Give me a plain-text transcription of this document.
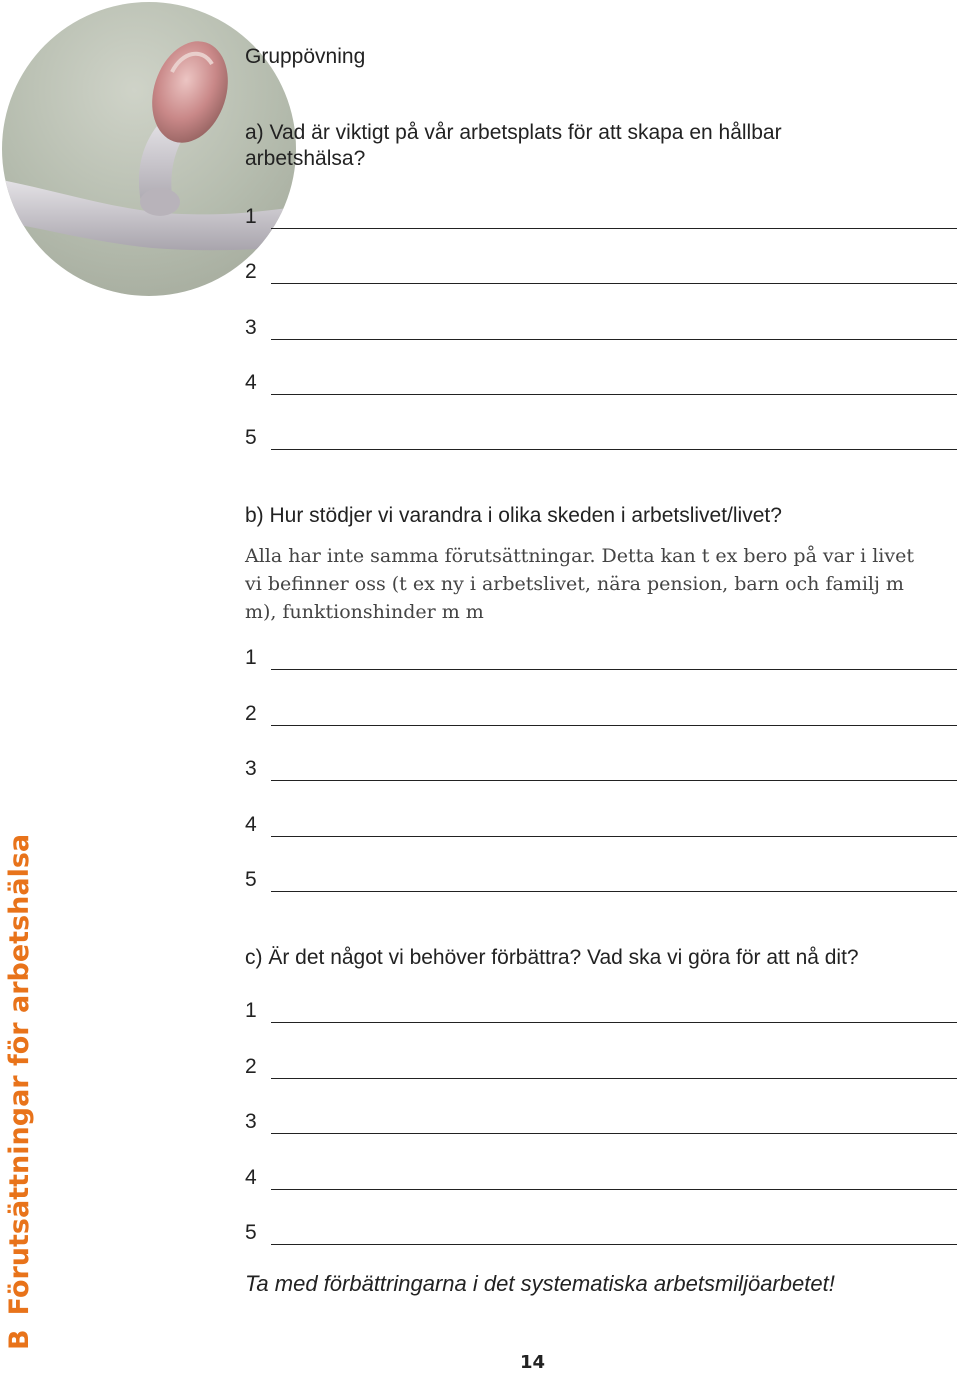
Gruppövning

a) Vad är viktigt på vår arbetsplats för att skapa en hållbar arbetshälsa?

1
2
3
4
5

b) Hur stödjer vi varandra i olika skeden i arbetslivet/livet?

Alla har inte samma förutsättningar. Detta kan t ex bero på var i livet vi befinner oss (t ex ny i arbetslivet, nära pension, barn och familj m m), funktionshinder m m

1
2
3
4
5

c) Är det något vi behöver förbättra? Vad ska vi göra för att nå dit?

1
2
3
4
5

Ta med förbättringarna i det systematiska arbetsmiljöarbetet!

BFörutsättningar för arbetshälsa
14
